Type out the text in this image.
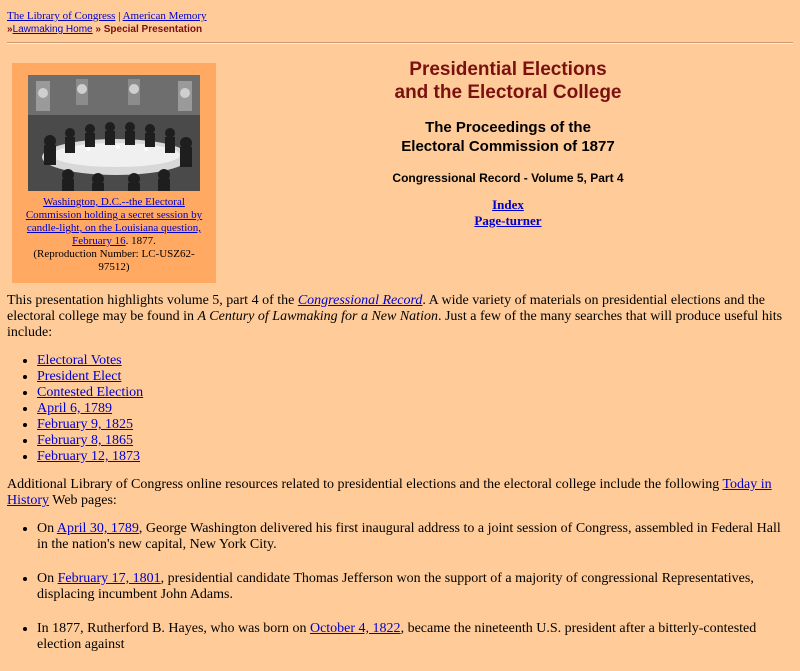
The Library of Congress | American Memory
»Lawmaking Home » Special Presentation
Washington, D.C.--the Electoral Commission holding a secret session by candle-light, on the Louisiana question, February 16. 1877.
(Reproduction Number: LC-USZ62-97512)

Presidential Elections
and the Electoral College

The Proceedings of the
Electoral Commission of 1877

Congressional Record - Volume 5, Part 4

Index
Page-turner

This presentation highlights volume 5, part 4 of the Congressional Record. A wide variety of materials on presidential elections and the electoral college may be found in A Century of Lawmaking for a New Nation. Just a few of the many searches that will produce useful hits include:

• Electoral Votes
• President Elect
• Contested Election
• April 6, 1789
• February 9, 1825
• February 8, 1865
• February 12, 1873

Additional Library of Congress online resources related to presidential elections and the electoral college include the following Today in History Web pages:

• On April 30, 1789, George Washington delivered his first inaugural address to a joint session of Congress, assembled in Federal Hall in the nation's new capital, New York City.
• On February 17, 1801, presidential candidate Thomas Jefferson won the support of a majority of congressional Representatives, displacing incumbent John Adams.
• In 1877, Rutherford B. Hayes, who was born on October 4, 1822, became the nineteenth U.S. president after a bitterly-contested election against
